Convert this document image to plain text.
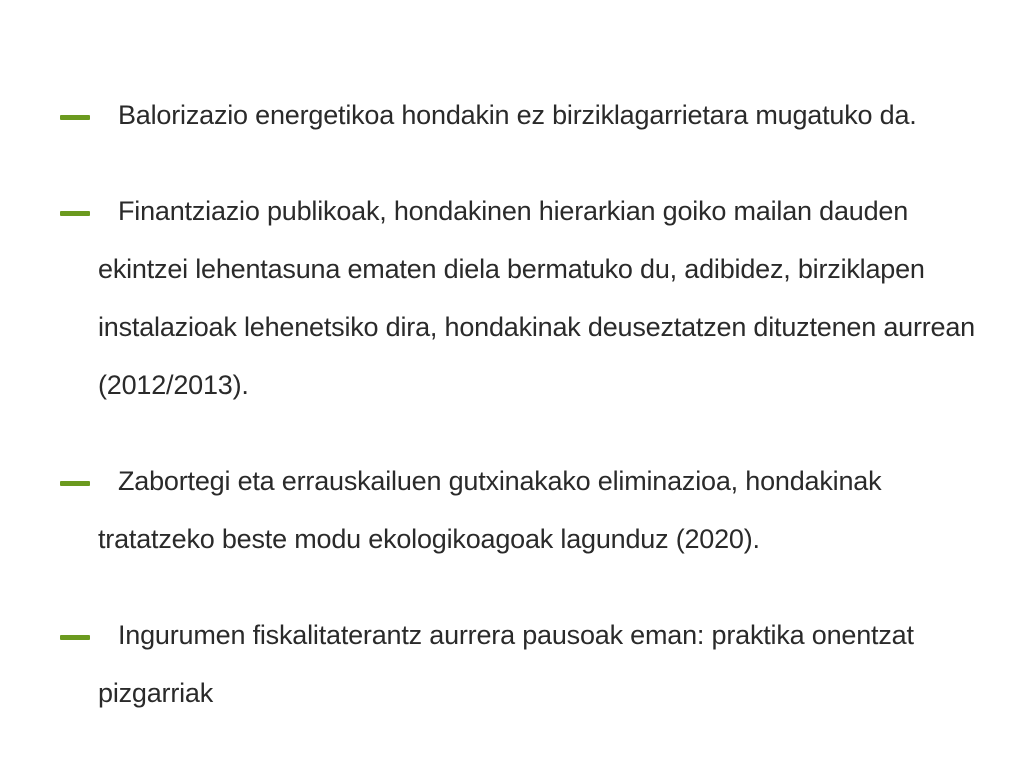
Balorizazio energetikoa hondakin ez birziklagarrietara mugatuko da.
Finantziazio publikoak, hondakinen hierarkian goiko mailan dauden ekintzei lehentasuna ematen diela bermatuko du, adibidez, birziklapen instalazioak lehenetsiko dira, hondakinak deuseztatzen dituztenen aurrean (2012/2013).
Zabortegi eta errauskailuen gutxinakako eliminazioa, hondakinak tratatzeko beste modu ekologikoagoak lagunduz (2020).
Ingurumen fiskalitaterantz aurrera pausoak eman: praktika onentzat pizgarriak
